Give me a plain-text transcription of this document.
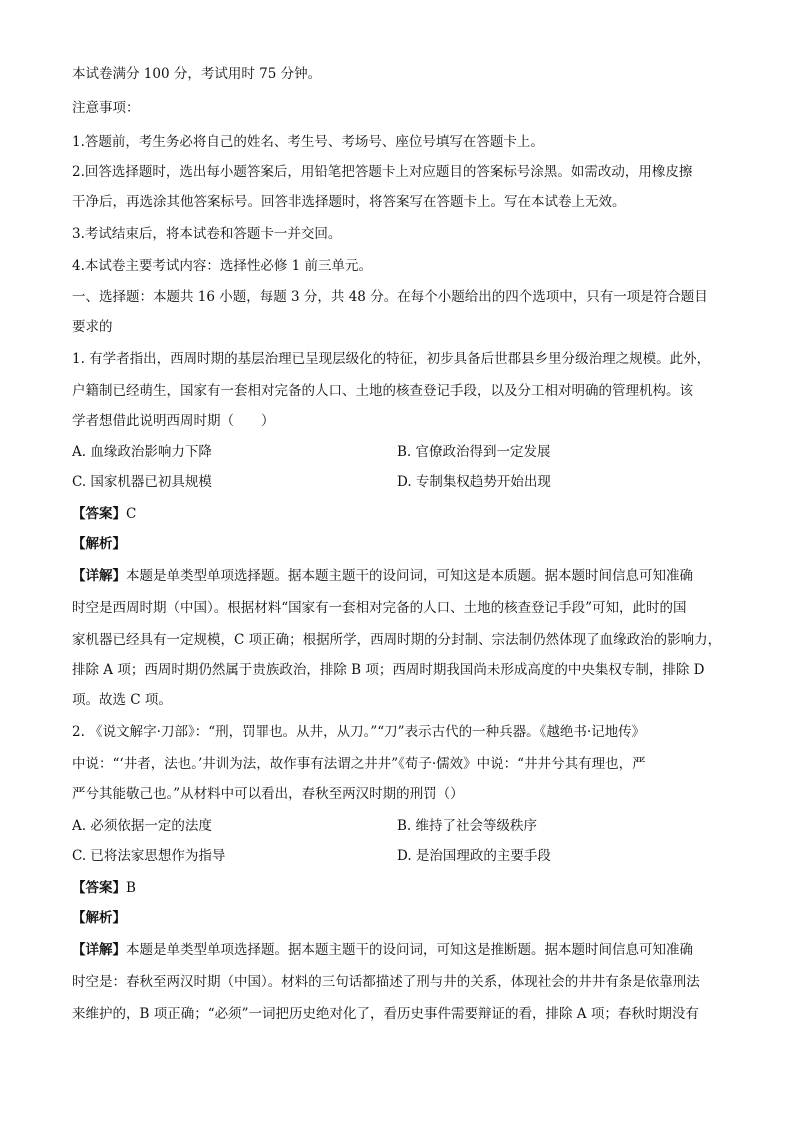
本试卷满分 100 分，考试用时 75 分钟。
注意事项：
1.答题前，考生务必将自己的姓名、考生号、考场号、座位号填写在答题卡上。
2.回答选择题时，选出每小题答案后，用铅笔把答题卡上对应题目的答案标号涂黑。如需改动，用橡皮擦
干净后，再选涂其他答案标号。回答非选择题时，将答案写在答题卡上。写在本试卷上无效。
3.考试结束后，将本试卷和答题卡一并交回。
4.本试卷主要考试内容：选择性必修 1 前三单元。
一、选择题：本题共 16 小题，每题 3 分，共 48 分。在每个小题给出的四个选项中，只有一项是符合题目
要求的
1. 有学者指出，西周时期的基层治理已呈现层级化的特征，初步具备后世郡县乡里分级治理之规模。此外，
户籍制已经萌生，国家有一套相对完备的人口、土地的核查登记手段，以及分工相对明确的管理机构。该
学者想借此说明西周时期（　　）
A. 血缘政治影响力下降	B. 官僚政治得到一定发展
C. 国家机器已初具规模	D. 专制集权趋势开始出现
【答案】C
【解析】
【详解】本题是单类型单项选择题。据本题主题干的设问词，可知这是本质题。据本题时间信息可知准确
时空是西周时期（中国）。根据材料“国家有一套相对完备的人口、土地的核查登记手段”可知，此时的国
家机器已经具有一定规模，C 项正确；根据所学，西周时期的分封制、宗法制仍然体现了血缘政治的影响力，
排除 A 项；西周时期仍然属于贵族政治，排除 B 项；西周时期我国尚未形成高度的中央集权专制，排除 D
项。故选 C 项。
2. 《说文解字·刀部》：“刑，罚罪也。从井，从刀。”“刀”表示古代的一种兵器。《越绝书·记地传》
中说：“‘井者，法也。’井训为法，故作事有法谓之井井”《荀子·儒效》中说：“井井兮其有理也，严
严兮其能敬己也。”从材料中可以看出，春秋至两汉时期的刑罚（）
A. 必须依据一定的法度	B. 维持了社会等级秩序
C. 已将法家思想作为指导	D. 是治国理政的主要手段
【答案】B
【解析】
【详解】本题是单类型单项选择题。据本题主题干的设问词，可知这是推断题。据本题时间信息可知准确
时空是：春秋至两汉时期（中国）。材料的三句话都描述了刑与井的关系，体现社会的井井有条是依靠刑法
来维护的，B 项正确；“必须”一词把历史绝对化了，看历史事件需要辩证的看，排除 A 项；春秋时期没有
